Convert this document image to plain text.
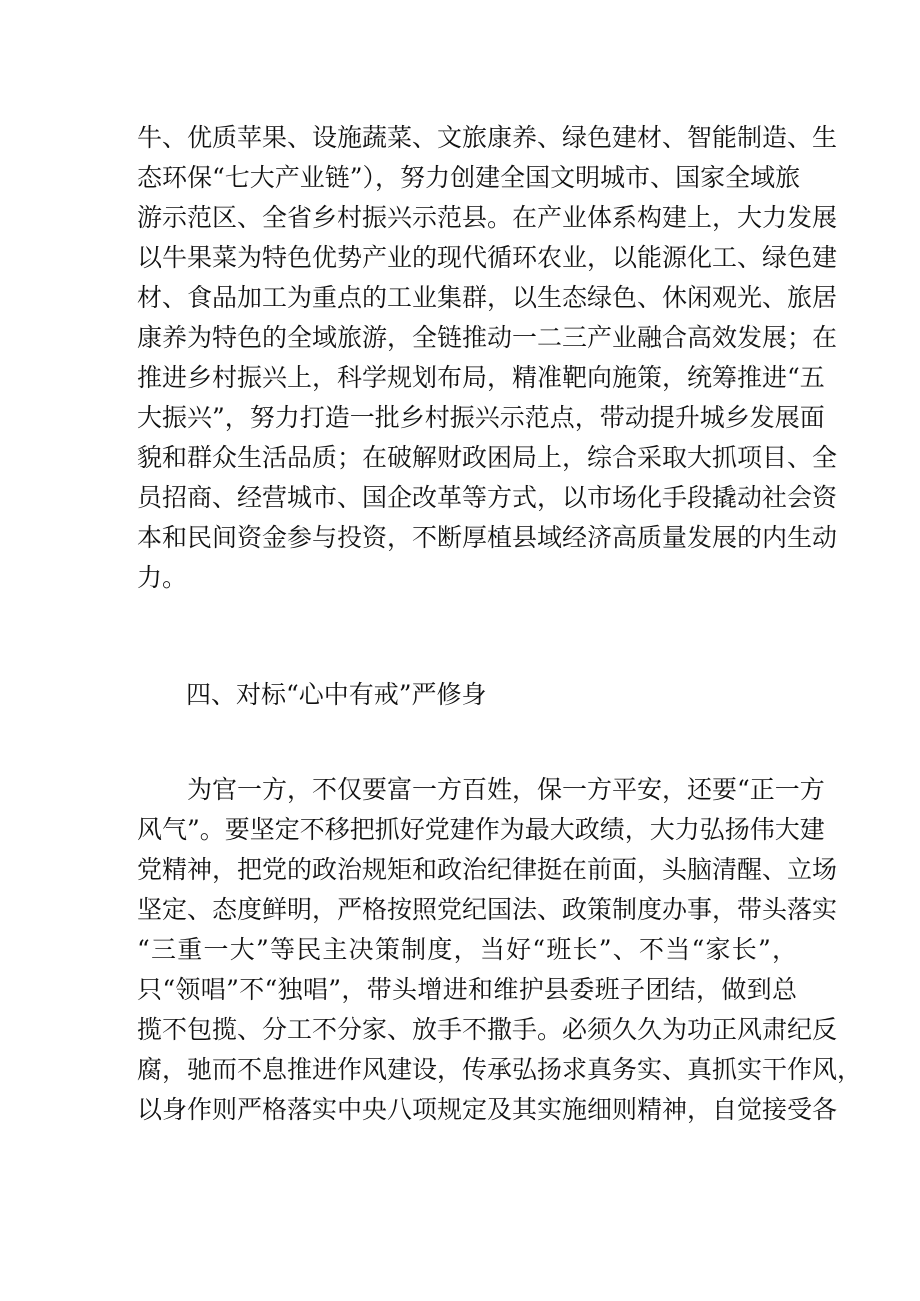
牛、优质苹果、设施蔬菜、文旅康养、绿色建材、智能制造、生
态环保“七大产业链”），努力创建全国文明城市、国家全域旅
游示范区、全省乡村振兴示范县。在产业体系构建上，大力发展
以牛果菜为特色优势产业的现代循环农业，以能源化工、绿色建
材、食品加工为重点的工业集群，以生态绿色、休闲观光、旅居
康养为特色的全域旅游，全链推动一二三产业融合高效发展；在
推进乡村振兴上，科学规划布局，精准靶向施策，统筹推进“五
大振兴”，努力打造一批乡村振兴示范点，带动提升城乡发展面
貌和群众生活品质；在破解财政困局上，综合采取大抓项目、全
员招商、经营城市、国企改革等方式，以市场化手段撬动社会资
本和民间资金参与投资，不断厚植县域经济高质量发展的内生动
力。
四、对标“心中有戒”严修身
　　为官一方，不仅要富一方百姓，保一方平安，还要“正一方
风气”。要坚定不移把抓好党建作为最大政绩，大力弘扬伟大建
党精神，把党的政治规矩和政治纪律挺在前面，头脑清醒、立场
坚定、态度鲜明，严格按照党纪国法、政策制度办事，带头落实
“三重一大”等民主决策制度，当好“班长”、不当“家长”，
只“领唱”不“独唱”，带头增进和维护县委班子团结，做到总
揽不包揽、分工不分家、放手不撒手。必须久久为功正风肃纪反
腐，驰而不息推进作风建设，传承弘扬求真务实、真抓实干作风，
以身作则严格落实中央八项规定及其实施细则精神，自觉接受各
